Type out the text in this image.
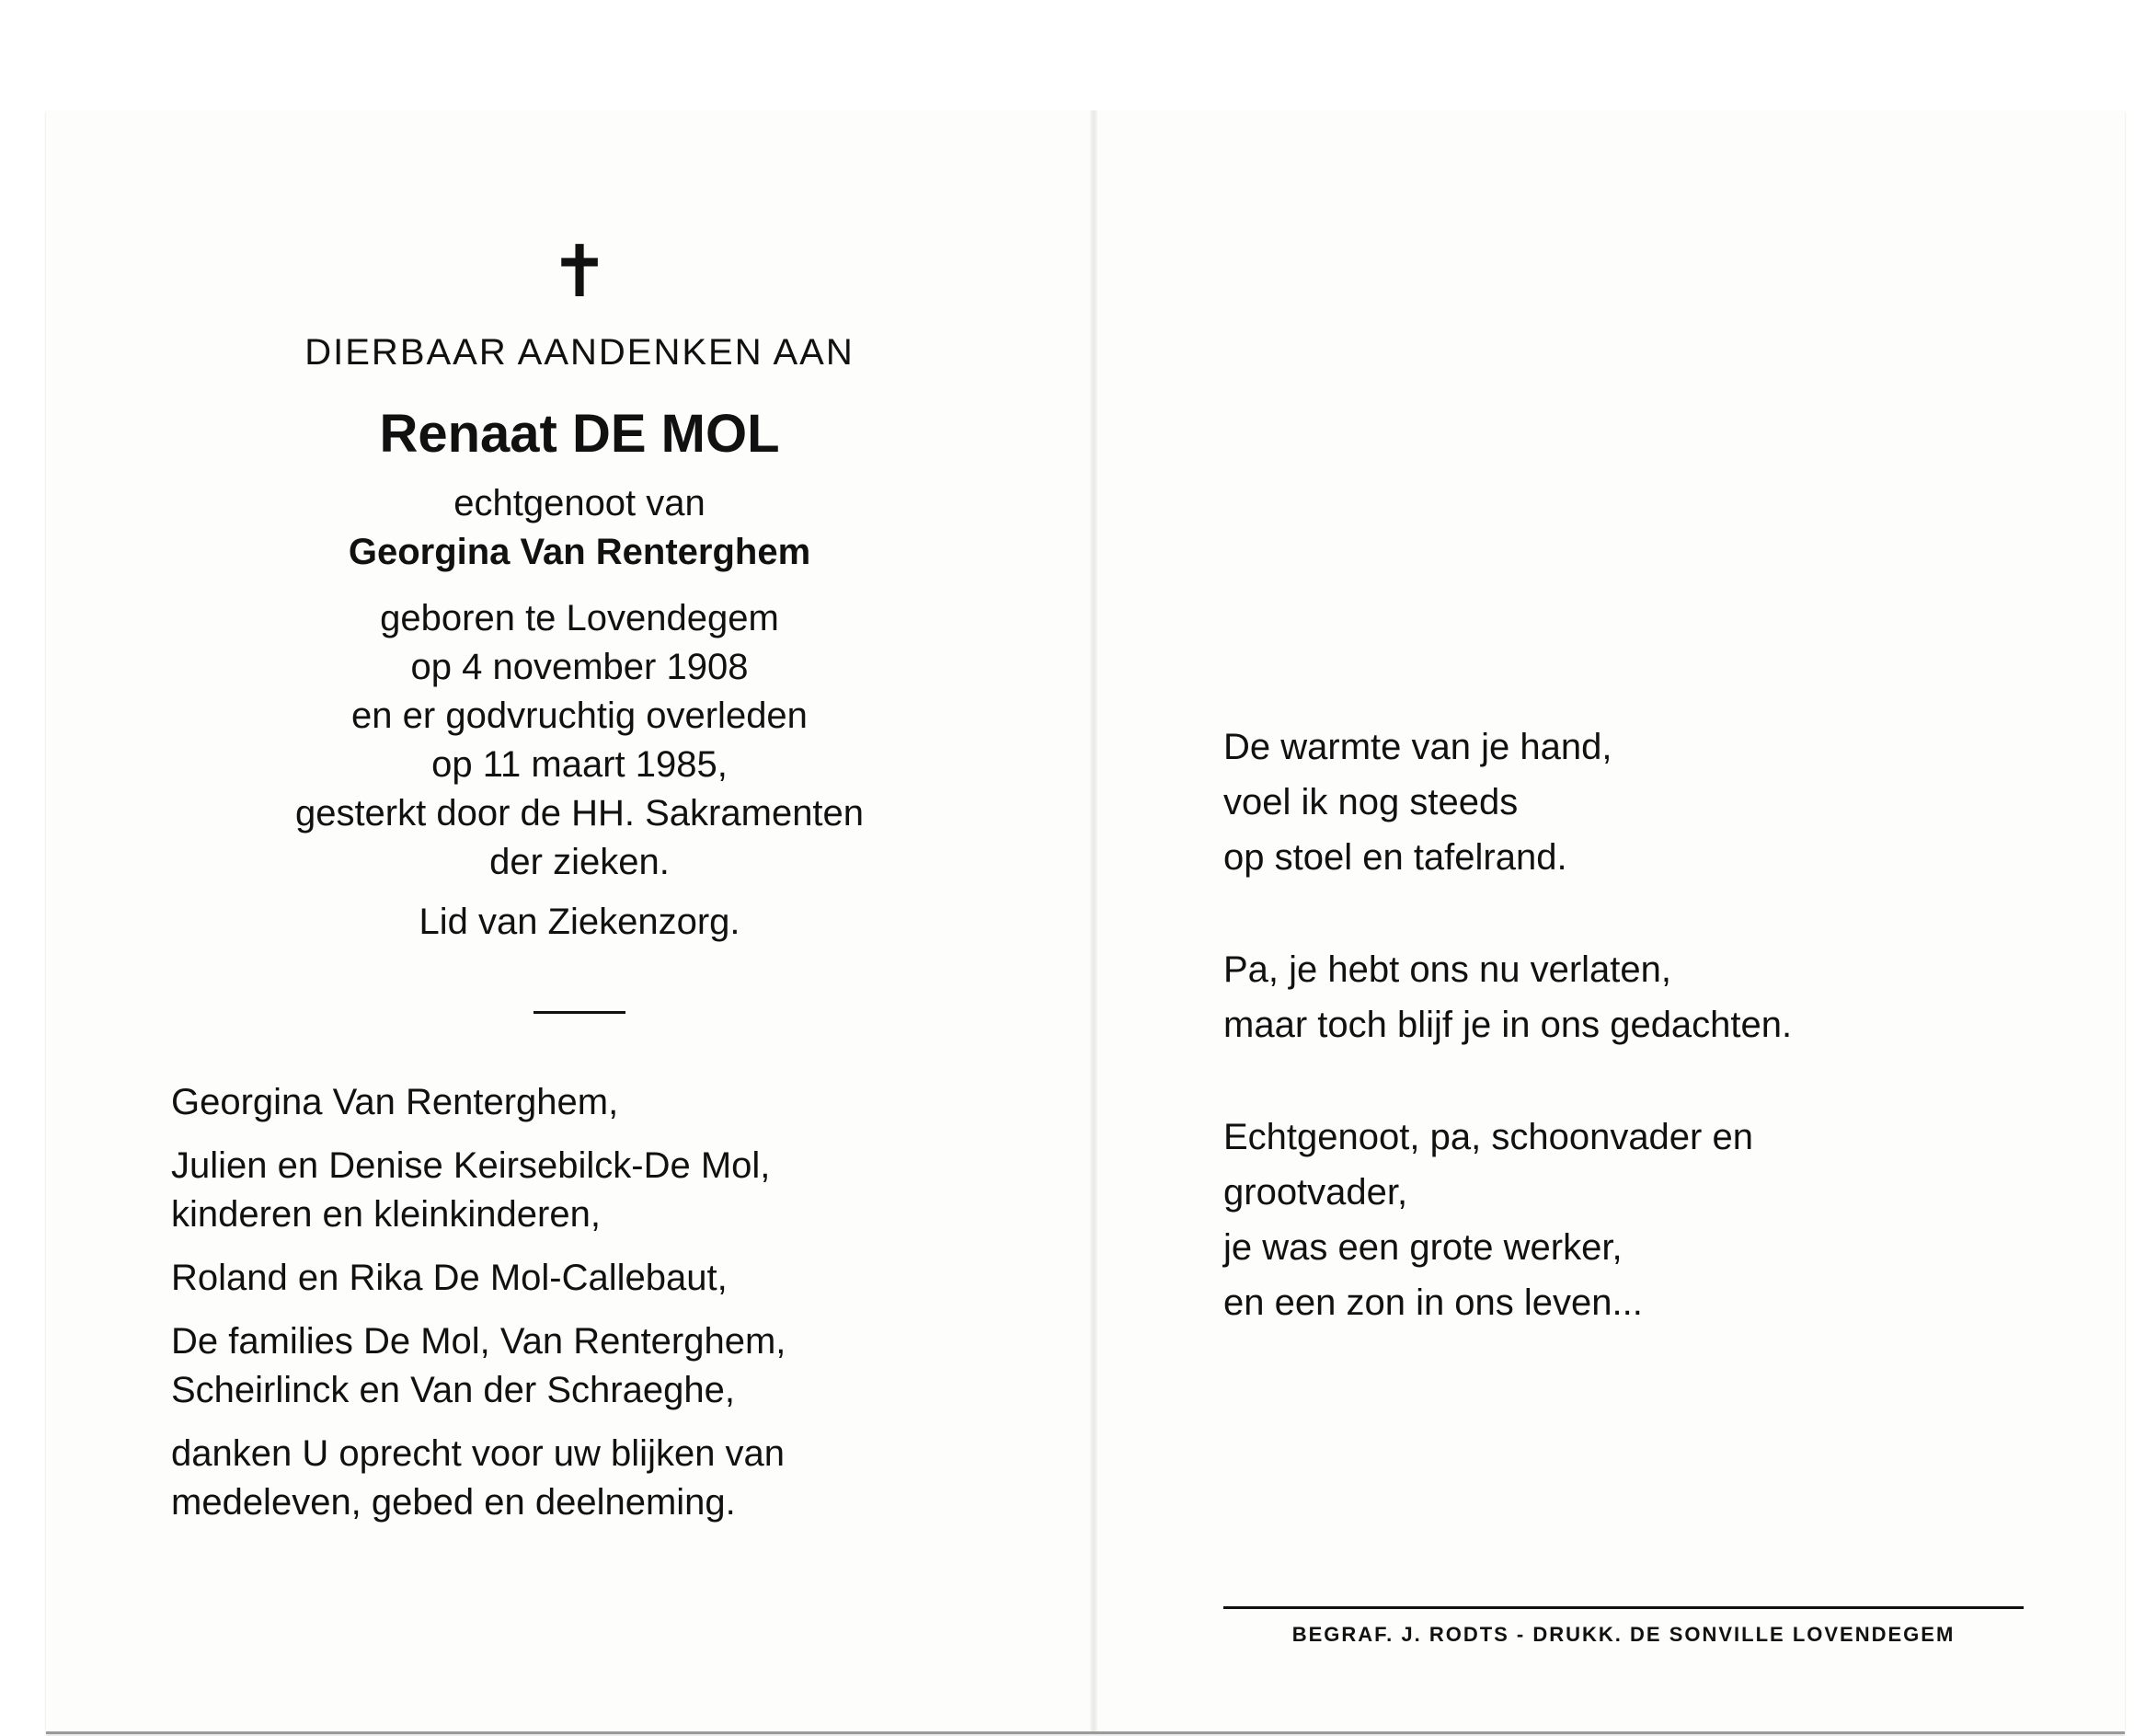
✝
DIERBAAR AANDENKEN AAN
Renaat DE MOL
echtgenoot van
Georgina Van Renterghem
geboren te Lovendegem
op 4 november 1908
en er godvruchtig overleden
op 11 maart 1985,
gesterkt door de HH. Sakramenten
der zieken.
Lid van Ziekenzorg.
Georgina Van Renterghem,
Julien en Denise Keirsebilck-De Mol,
kinderen en kleinkinderen,
Roland en Rika De Mol-Callebaut,
De families De Mol, Van Renterghem,
Scheirlinck en Van der Schraeghe,
danken U oprecht voor uw blijken van
medeleven, gebed en deelneming.
De warmte van je hand,
voel ik nog steeds
op stoel en tafelrand.
Pa, je hebt ons nu verlaten,
maar toch blijf je in ons gedachten.
Echtgenoot, pa, schoonvader en
grootvader,
je was een grote werker,
en een zon in ons leven...
BEGRAF. J. RODTS - DRUKK. DE SONVILLE LOVENDEGEM
